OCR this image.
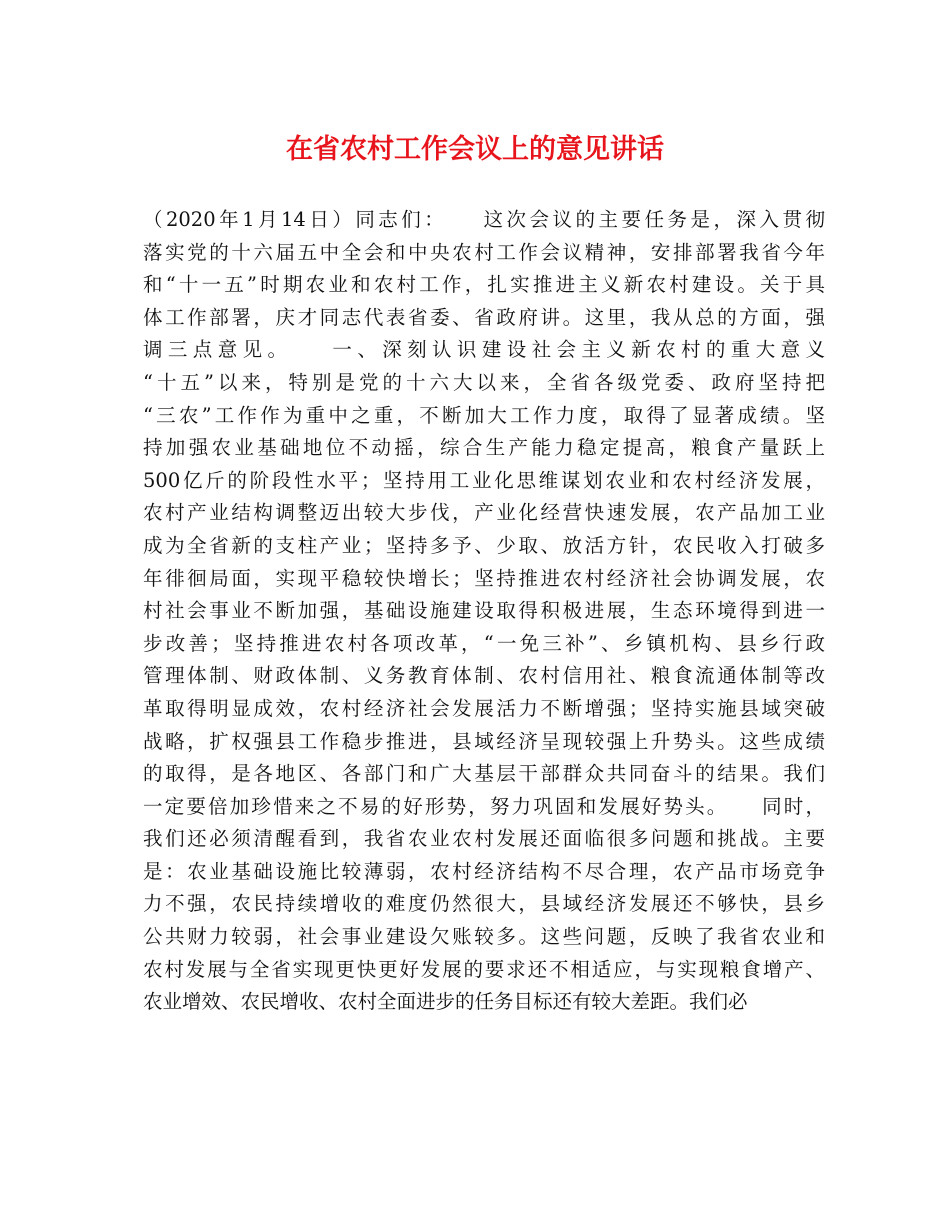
在省农村工作会议上的意见讲话
（2020年1月14日）同志们：　　这次会议的主要任务是，深入贯彻
落实党的十六届五中全会和中央农村工作会议精神，安排部署我省今年
和“十一五”时期农业和农村工作，扎实推进主义新农村建设。关于具
体工作部署，庆才同志代表省委、省政府讲。这里，我从总的方面，强
调三点意见。　　一、深刻认识建设社会主义新农村的重大意义
“十五”以来，特别是党的十六大以来，全省各级党委、政府坚持把
“三农”工作作为重中之重，不断加大工作力度，取得了显著成绩。坚
持加强农业基础地位不动摇，综合生产能力稳定提高，粮食产量跃上
500亿斤的阶段性水平；坚持用工业化思维谋划农业和农村经济发展，
农村产业结构调整迈出较大步伐，产业化经营快速发展，农产品加工业
成为全省新的支柱产业；坚持多予、少取、放活方针，农民收入打破多
年徘徊局面，实现平稳较快增长；坚持推进农村经济社会协调发展，农
村社会事业不断加强，基础设施建设取得积极进展，生态环境得到进一
步改善；坚持推进农村各项改革，“一免三补”、乡镇机构、县乡行政
管理体制、财政体制、义务教育体制、农村信用社、粮食流通体制等改
革取得明显成效，农村经济社会发展活力不断增强；坚持实施县域突破
战略，扩权强县工作稳步推进，县域经济呈现较强上升势头。这些成绩
的取得，是各地区、各部门和广大基层干部群众共同奋斗的结果。我们
一定要倍加珍惜来之不易的好形势，努力巩固和发展好势头。　　同时，
我们还必须清醒看到，我省农业农村发展还面临很多问题和挑战。主要
是：农业基础设施比较薄弱，农村经济结构不尽合理，农产品市场竞争
力不强，农民持续增收的难度仍然很大，县域经济发展还不够快，县乡
公共财力较弱，社会事业建设欠账较多。这些问题，反映了我省农业和
农村发展与全省实现更快更好发展的要求还不相适应，与实现粮食增产、
农业增效、农民增收、农村全面进步的任务目标还有较大差距。我们必
